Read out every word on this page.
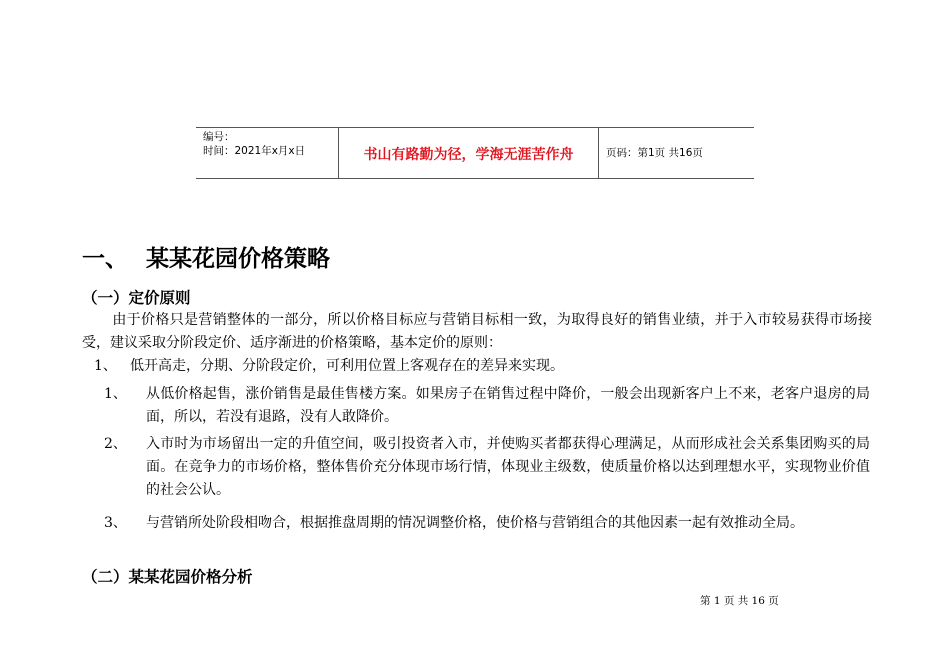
编号：
时间：2021年x月x日	书山有路勤为径，学海无涯苦作舟	页码：第1页 共16页
一、 某某花园价格策略
（一）定价原则

由于价格只是营销整体的一部分，所以价格目标应与营销目标相一致，为取得良好的销售业绩，并于入市较易获得市场接受，建议采取分阶段定价、适序渐进的价格策略，基本定价的原则：

1、 低开高走，分期、分阶段定价，可利用位置上客观存在的差异来实现。
1、 从低价格起售，涨价销售是最佳售楼方案。如果房子在销售过程中降价，一般会出现新客户上不来，老客户退房的局面，所以，若没有退路，没有人敢降价。
2、 入市时为市场留出一定的升值空间，吸引投资者入市，并使购买者都获得心理满足，从而形成社会关系集团购买的局面。在竞争力的市场价格，整体售价充分体现市场行情，体现业主级数，使质量价格以达到理想水平，实现物业价值的社会公认。
3、 与营销所处阶段相吻合，根据推盘周期的情况调整价格，使价格与营销组合的其他因素一起有效推动全局。
（二）某某花园价格分析
第 1 页 共 16 页
